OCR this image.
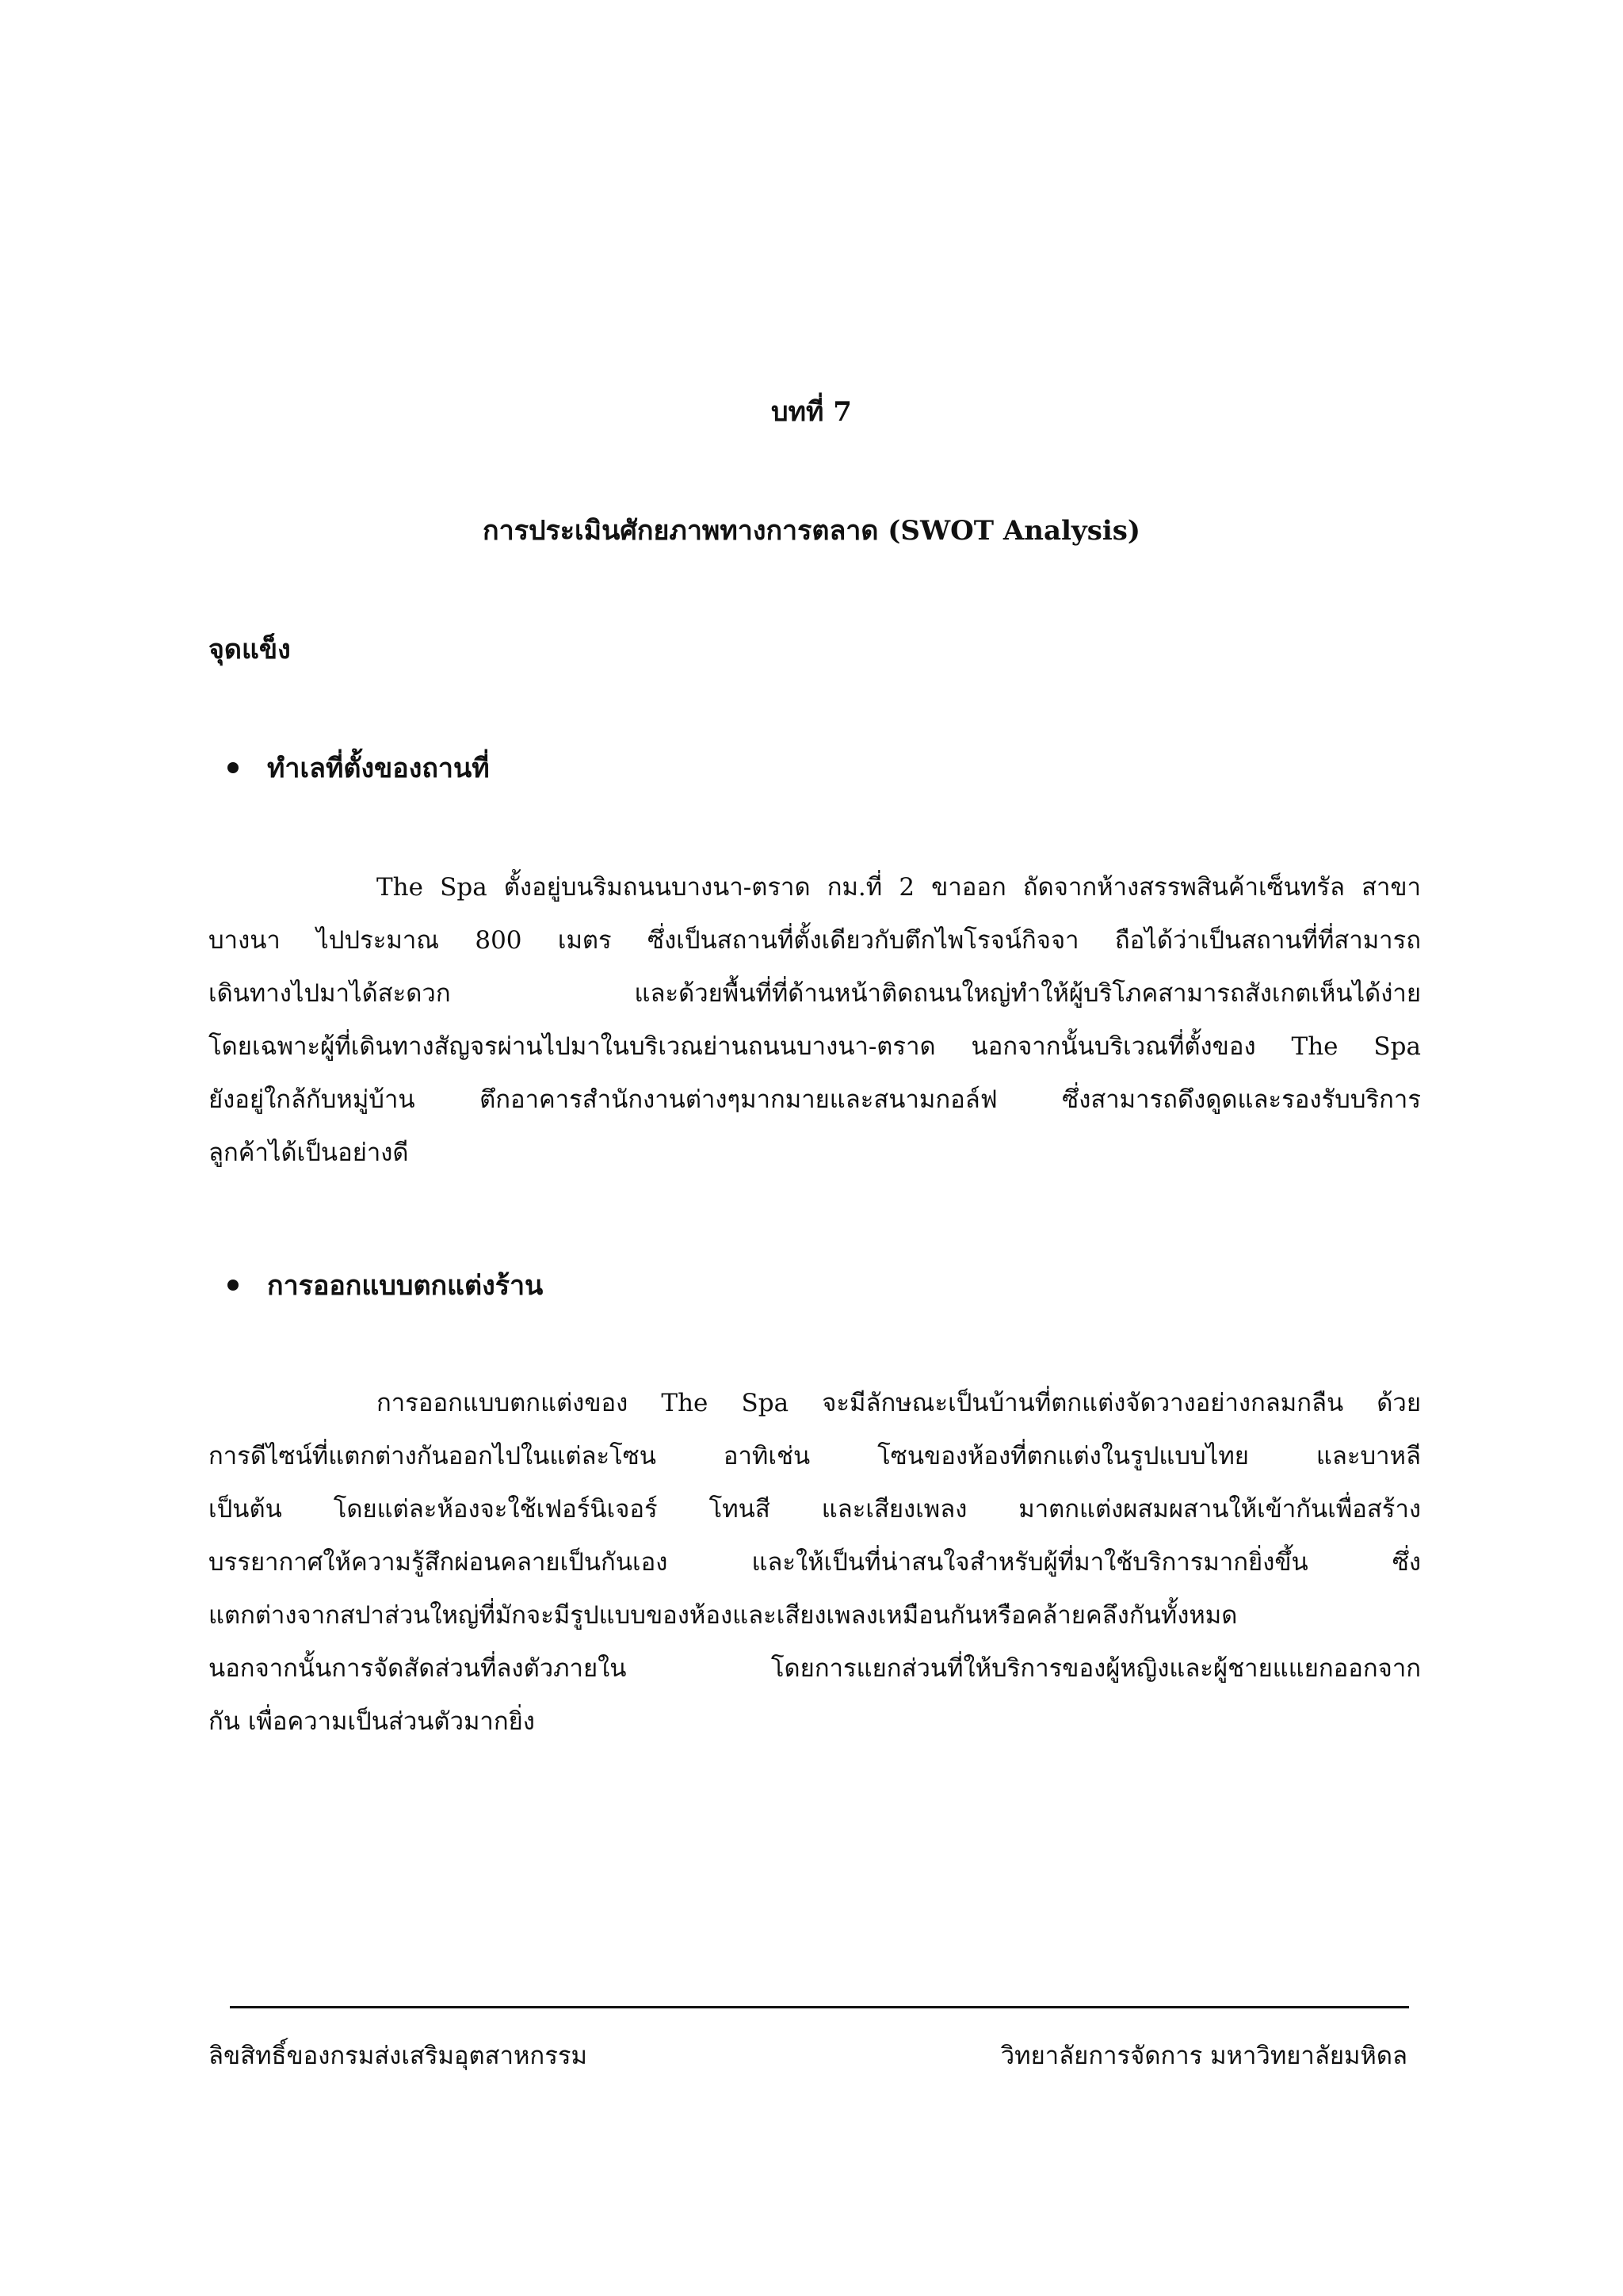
บทที่ 7
การประเมินศักยภาพทางการตลาด (SWOT Analysis)
จุดแข็ง
ทำเลที่ตั้งของถานที่
The Spa ตั้งอยู่บนริมถนนบางนา-ตราด กม.ที่ 2 ขาออก ถัดจากห้างสรรพสินค้าเซ็นทรัล สาขา
บางนา ไปประมาณ 800 เมตร ซึ่งเป็นสถานที่ตั้งเดียวกับตึกไพโรจน์กิจจา ถือได้ว่าเป็นสถานที่ที่สามารถ
เดินทางไปมาได้สะดวก และด้วยพื้นที่ที่ด้านหน้าติดถนนใหญ่ทำให้ผู้บริโภคสามารถสังเกตเห็นได้ง่าย
โดยเฉพาะผู้ที่เดินทางสัญจรผ่านไปมาในบริเวณย่านถนนบางนา-ตราด นอกจากนั้นบริเวณที่ตั้งของ The Spa
ยังอยู่ใกล้กับหมู่บ้าน ตึกอาคารสำนักงานต่างๆมากมายและสนามกอล์ฟ ซึ่งสามารถดึงดูดและรองรับบริการ
ลูกค้าได้เป็นอย่างดี
การออกแบบตกแต่งร้าน
การออกแบบตกแต่งของ The Spa จะมีลักษณะเป็นบ้านที่ตกแต่งจัดวางอย่างกลมกลืน ด้วย
การดีไซน์ที่แตกต่างกันออกไปในแต่ละโซน อาทิเช่น โซนของห้องที่ตกแต่งในรูปแบบไทย และบาหลี
เป็นต้น โดยแต่ละห้องจะใช้เฟอร์นิเจอร์ โทนสี และเสียงเพลง มาตกแต่งผสมผสานให้เข้ากันเพื่อสร้าง
บรรยากาศให้ความรู้สึกผ่อนคลายเป็นกันเอง และให้เป็นที่น่าสนใจสำหรับผู้ที่มาใช้บริการมากยิ่งขึ้น ซึ่ง
แตกต่างจากสปาส่วนใหญ่ที่มักจะมีรูปแบบของห้องและเสียงเพลงเหมือนกันหรือคล้ายคลึงกันทั้งหมด
นอกจากนั้นการจัดสัดส่วนที่ลงตัวภายใน โดยการแยกส่วนที่ให้บริการของผู้หญิงและผู้ชายแแยกออกจาก
กัน เพื่อความเป็นส่วนตัวมากยิ่ง
ลิขสิทธิ์ของกรมส่งเสริมอุตสาหกรรม	วิทยาลัยการจัดการ มหาวิทยาลัยมหิดล
